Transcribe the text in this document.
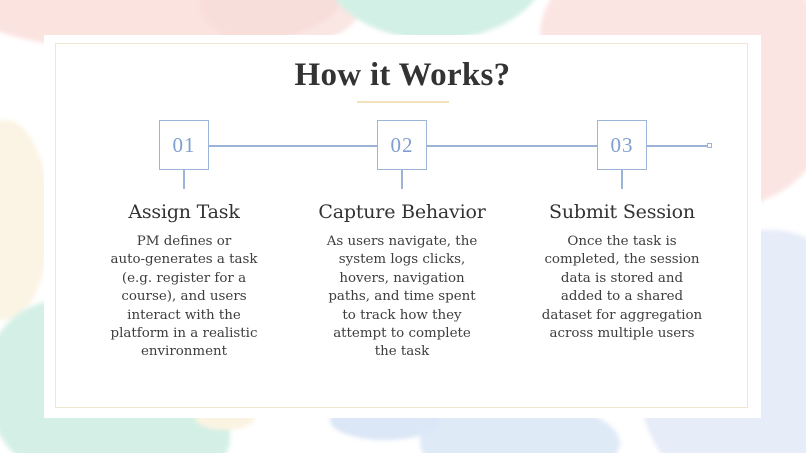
How it Works?
01	02	03
Assign Task
PM defines or
auto-generates a task
(e.g. register for a
course), and users
interact with the
platform in a realistic
environment
Capture Behavior
As users navigate, the
system logs clicks,
hovers, navigation
paths, and time spent
to track how they
attempt to complete
the task
Submit Session
Once the task is
completed, the session
data is stored and
added to a shared
dataset for aggregation
across multiple users
